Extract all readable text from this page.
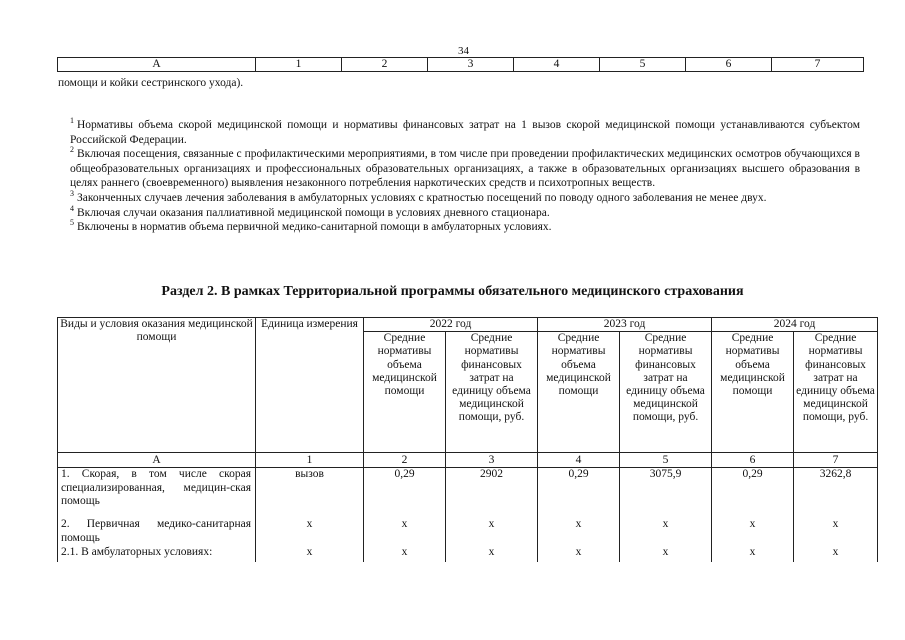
34
А	1	2	3	4	5	6	7
помощи и койки сестринского ухода).

$^1$ Нормативы объема скорой медицинской помощи и нормативы финансовых затрат на 1 вызов скорой медицинской помощи устанавливаются субъектом Российской Федерации.

$^2$ Включая посещения, связанные с профилактическими мероприятиями, в том числе при проведении профилактических медицинских осмотров обучающихся в общеобразовательных организациях и профессиональных образовательных организациях, а также в образовательных организациях высшего образования в целях раннего (своевременного) выявления незаконного потребления наркотических средств и психотропных веществ.

$^3$ Законченных случаев лечения заболевания в амбулаторных условиях с кратностью посещений по поводу одного заболевания не менее двух.

$^4$ Включая случаи оказания паллиативной медицинской помощи в условиях дневного стационара.

$^5$ Включены в норматив объема первичной медико-санитарной помощи в амбулаторных условиях.

Раздел 2. В рамках Территориальной программы обязательного медицинского страхования
Виды и условия оказания медицинской помощи	Единица измерения	2022 год		2023 год		2024 год	
		Средние нормативы объема медицинской помощи	Средние нормативы финансовых затрат на единицу объема медицинской помощи, руб.	Средние нормативы объема медицинской помощи	Средние нормативы финансовых затрат на единицу объема медицинской помощи, руб.	Средние нормативы объема медицинской помощи	Средние нормативы финансовых затрат на единицу объема медицинской помощи, руб.
А	1	2	3	4	5	6	7
1. Скорая, в том числе скорая специализированная, медицин-ская помощь	вызов	0,29	2902	0,29	3075,9	0,29	3262,8
2. Первичная медико-санитарная помощь	х	х	х	х	х	х	х
2.1. В амбулаторных условиях:	х	х	х	х	х	х	х
